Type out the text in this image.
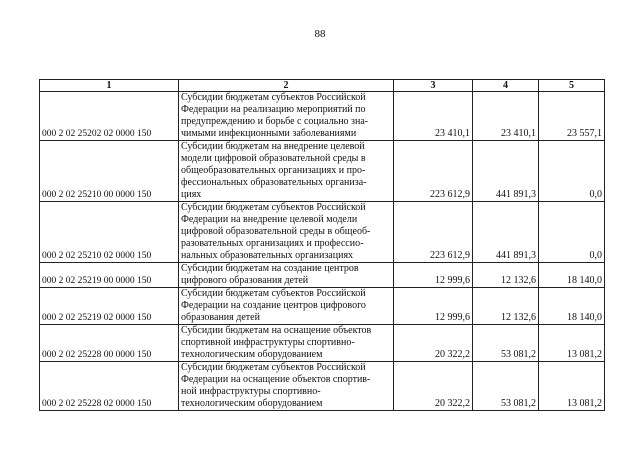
88
1	2	3	4	5
000 2 02 25202 02 0000 150	Субсидии бюджетам субъектов Российской
Федерации на реализацию мероприятий по
предупреждению и борьбе с социально зна-
чимыми инфекционными заболеваниями	23 410,1	23 410,1	23 557,1
000 2 02 25210 00 0000 150	Субсидии бюджетам на внедрение целевой
модели цифровой образовательной среды в
общеобразовательных организациях и про-
фессиональных образовательных организа-
циях	223 612,9	441 891,3	0,0
000 2 02 25210 02 0000 150	Субсидии бюджетам субъектов Российской
Федерации на внедрение целевой модели
цифровой образовательной среды в общеоб-
разовательных организациях и профессио-
нальных образовательных организациях	223 612,9	441 891,3	0,0
000 2 02 25219 00 0000 150	Субсидии бюджетам на создание центров
цифрового образования детей	12 999,6	12 132,6	18 140,0
000 2 02 25219 02 0000 150	Субсидии бюджетам субъектов Российской
Федерации на создание центров цифрового
образования детей	12 999,6	12 132,6	18 140,0
000 2 02 25228 00 0000 150	Субсидии бюджетам на оснащение объектов
спортивной инфраструктуры спортивно-
технологическим оборудованием	20 322,2	53 081,2	13 081,2
000 2 02 25228 02 0000 150	Субсидии бюджетам субъектов Российской
Федерации на оснащение объектов спортив-
ной инфраструктуры спортивно-
технологическим оборудованием	20 322,2	53 081,2	13 081,2
